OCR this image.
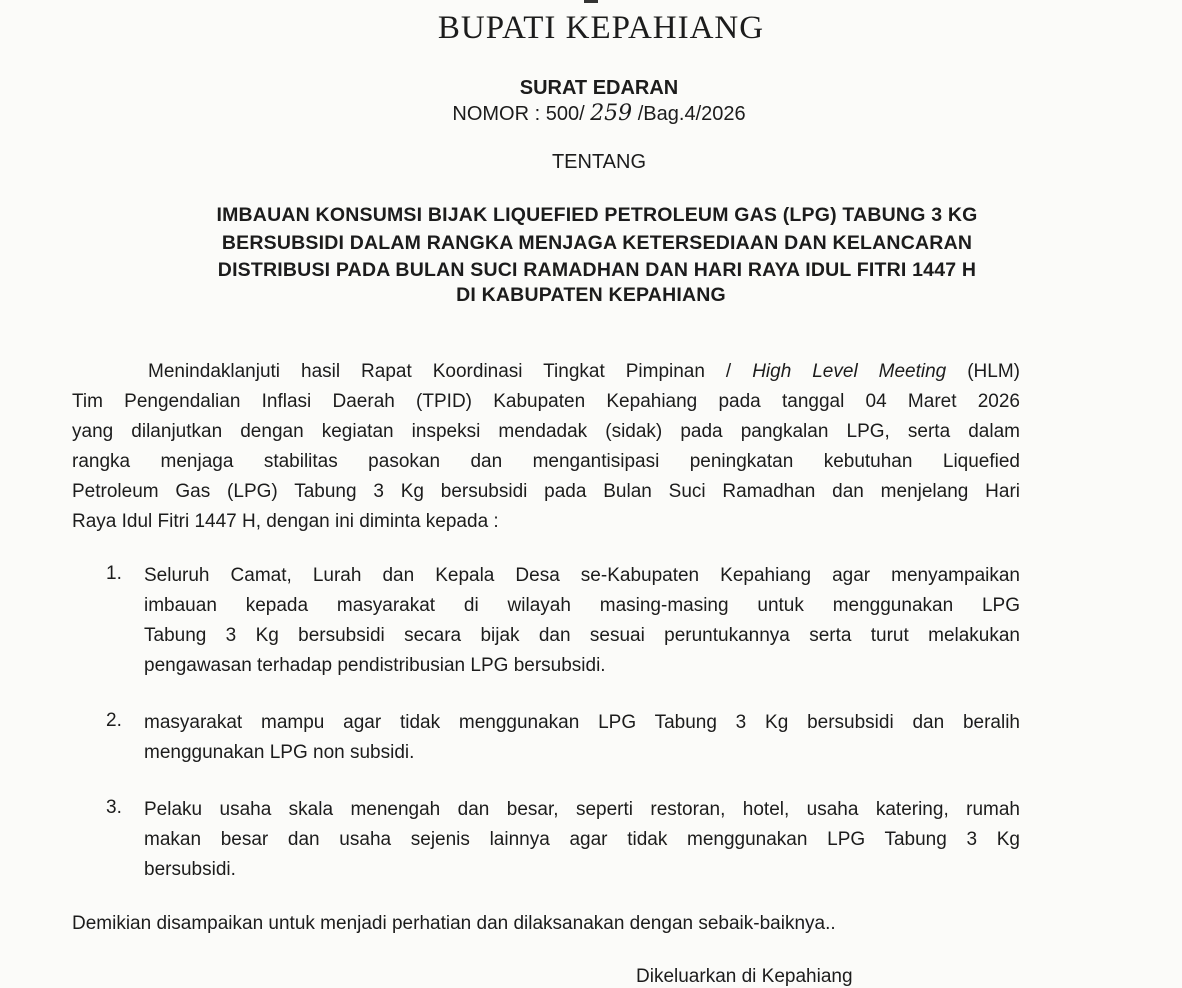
BUPATI KEPAHIANG
SURAT EDARAN
NOMOR : 500/ 259 /Bag.4/2026
TENTANG
IMBAUAN KONSUMSI BIJAK LIQUEFIED PETROLEUM GAS (LPG) TABUNG 3 KG
BERSUBSIDI DALAM RANGKA MENJAGA KETERSEDIAAN DAN KELANCARAN
DISTRIBUSI PADA BULAN SUCI RAMADHAN DAN HARI RAYA IDUL FITRI 1447 H
DI KABUPATEN KEPAHIANG
Menindaklanjuti hasil Rapat Koordinasi Tingkat Pimpinan / High Level Meeting (HLM)
Tim Pengendalian Inflasi Daerah (TPID) Kabupaten Kepahiang pada tanggal 04 Maret 2026
yang dilanjutkan dengan kegiatan inspeksi mendadak (sidak) pada pangkalan LPG, serta dalam
rangka menjaga stabilitas pasokan dan mengantisipasi peningkatan kebutuhan Liquefied
Petroleum Gas (LPG) Tabung 3 Kg bersubsidi pada Bulan Suci Ramadhan dan menjelang Hari
Raya Idul Fitri 1447 H, dengan ini diminta kepada :
1. Seluruh Camat, Lurah dan Kepala Desa se-Kabupaten Kepahiang agar menyampaikan
imbauan kepada masyarakat di wilayah masing-masing untuk menggunakan LPG
Tabung 3 Kg bersubsidi secara bijak dan sesuai peruntukannya serta turut melakukan
pengawasan terhadap pendistribusian LPG bersubsidi.
2. masyarakat mampu agar tidak menggunakan LPG Tabung 3 Kg bersubsidi dan beralih
menggunakan LPG non subsidi.
3. Pelaku usaha skala menengah dan besar, seperti restoran, hotel, usaha katering, rumah
makan besar dan usaha sejenis lainnya agar tidak menggunakan LPG Tabung 3 Kg
bersubsidi.
Demikian disampaikan untuk menjadi perhatian dan dilaksanakan dengan sebaik-baiknya..
Dikeluarkan di Kepahiang
